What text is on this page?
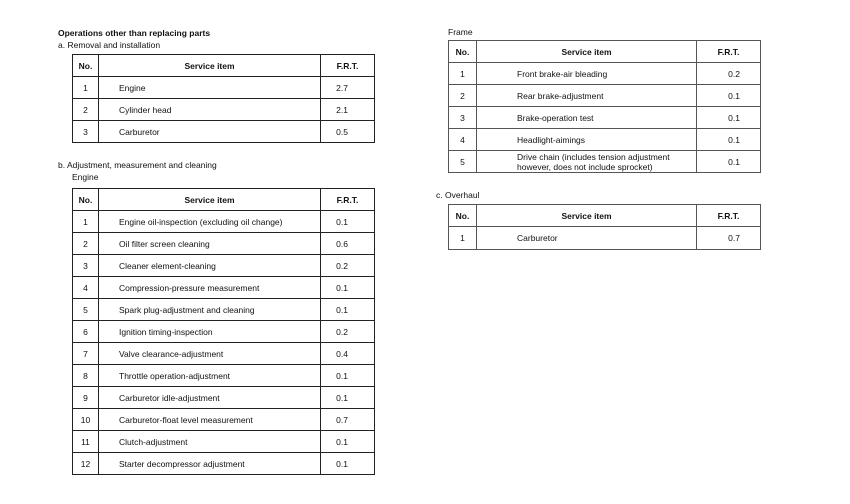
Operations other than replacing parts
a. Removal and installation
b. Adjustment, measurement and cleaning
Engine
Frame
c. Overhaul
No.	Service item	F.R.T.
1	Engine	2.7
2	Cylinder head	2.1
3	Carburetor	0.5
No.	Service item	F.R.T.
1	Engine oil-inspection (excluding oil change)	0.1
2	Oil filter screen cleaning	0.6
3	Cleaner element-cleaning	0.2
4	Compression-pressure measurement	0.1
5	Spark plug-adjustment and cleaning	0.1
6	Ignition timing-inspection	0.2
7	Valve clearance-adjustment	0.4
8	Throttle operation-adjustment	0.1
9	Carburetor idle-adjustment	0.1
10	Carburetor-float level measurement	0.7
11	Clutch-adjustment	0.1
12	Starter decompressor adjustment	0.1
No.	Service item	F.R.T.
1	Front brake-air bleading	0.2
2	Rear brake-adjustment	0.1
3	Brake-operation test	0.1
4	Headlight-aimings	0.1
5	Drive chain (includes tension adjustment however, does not include sprocket)	0.1
No.	Service item	F.R.T.
1	Carburetor	0.7
